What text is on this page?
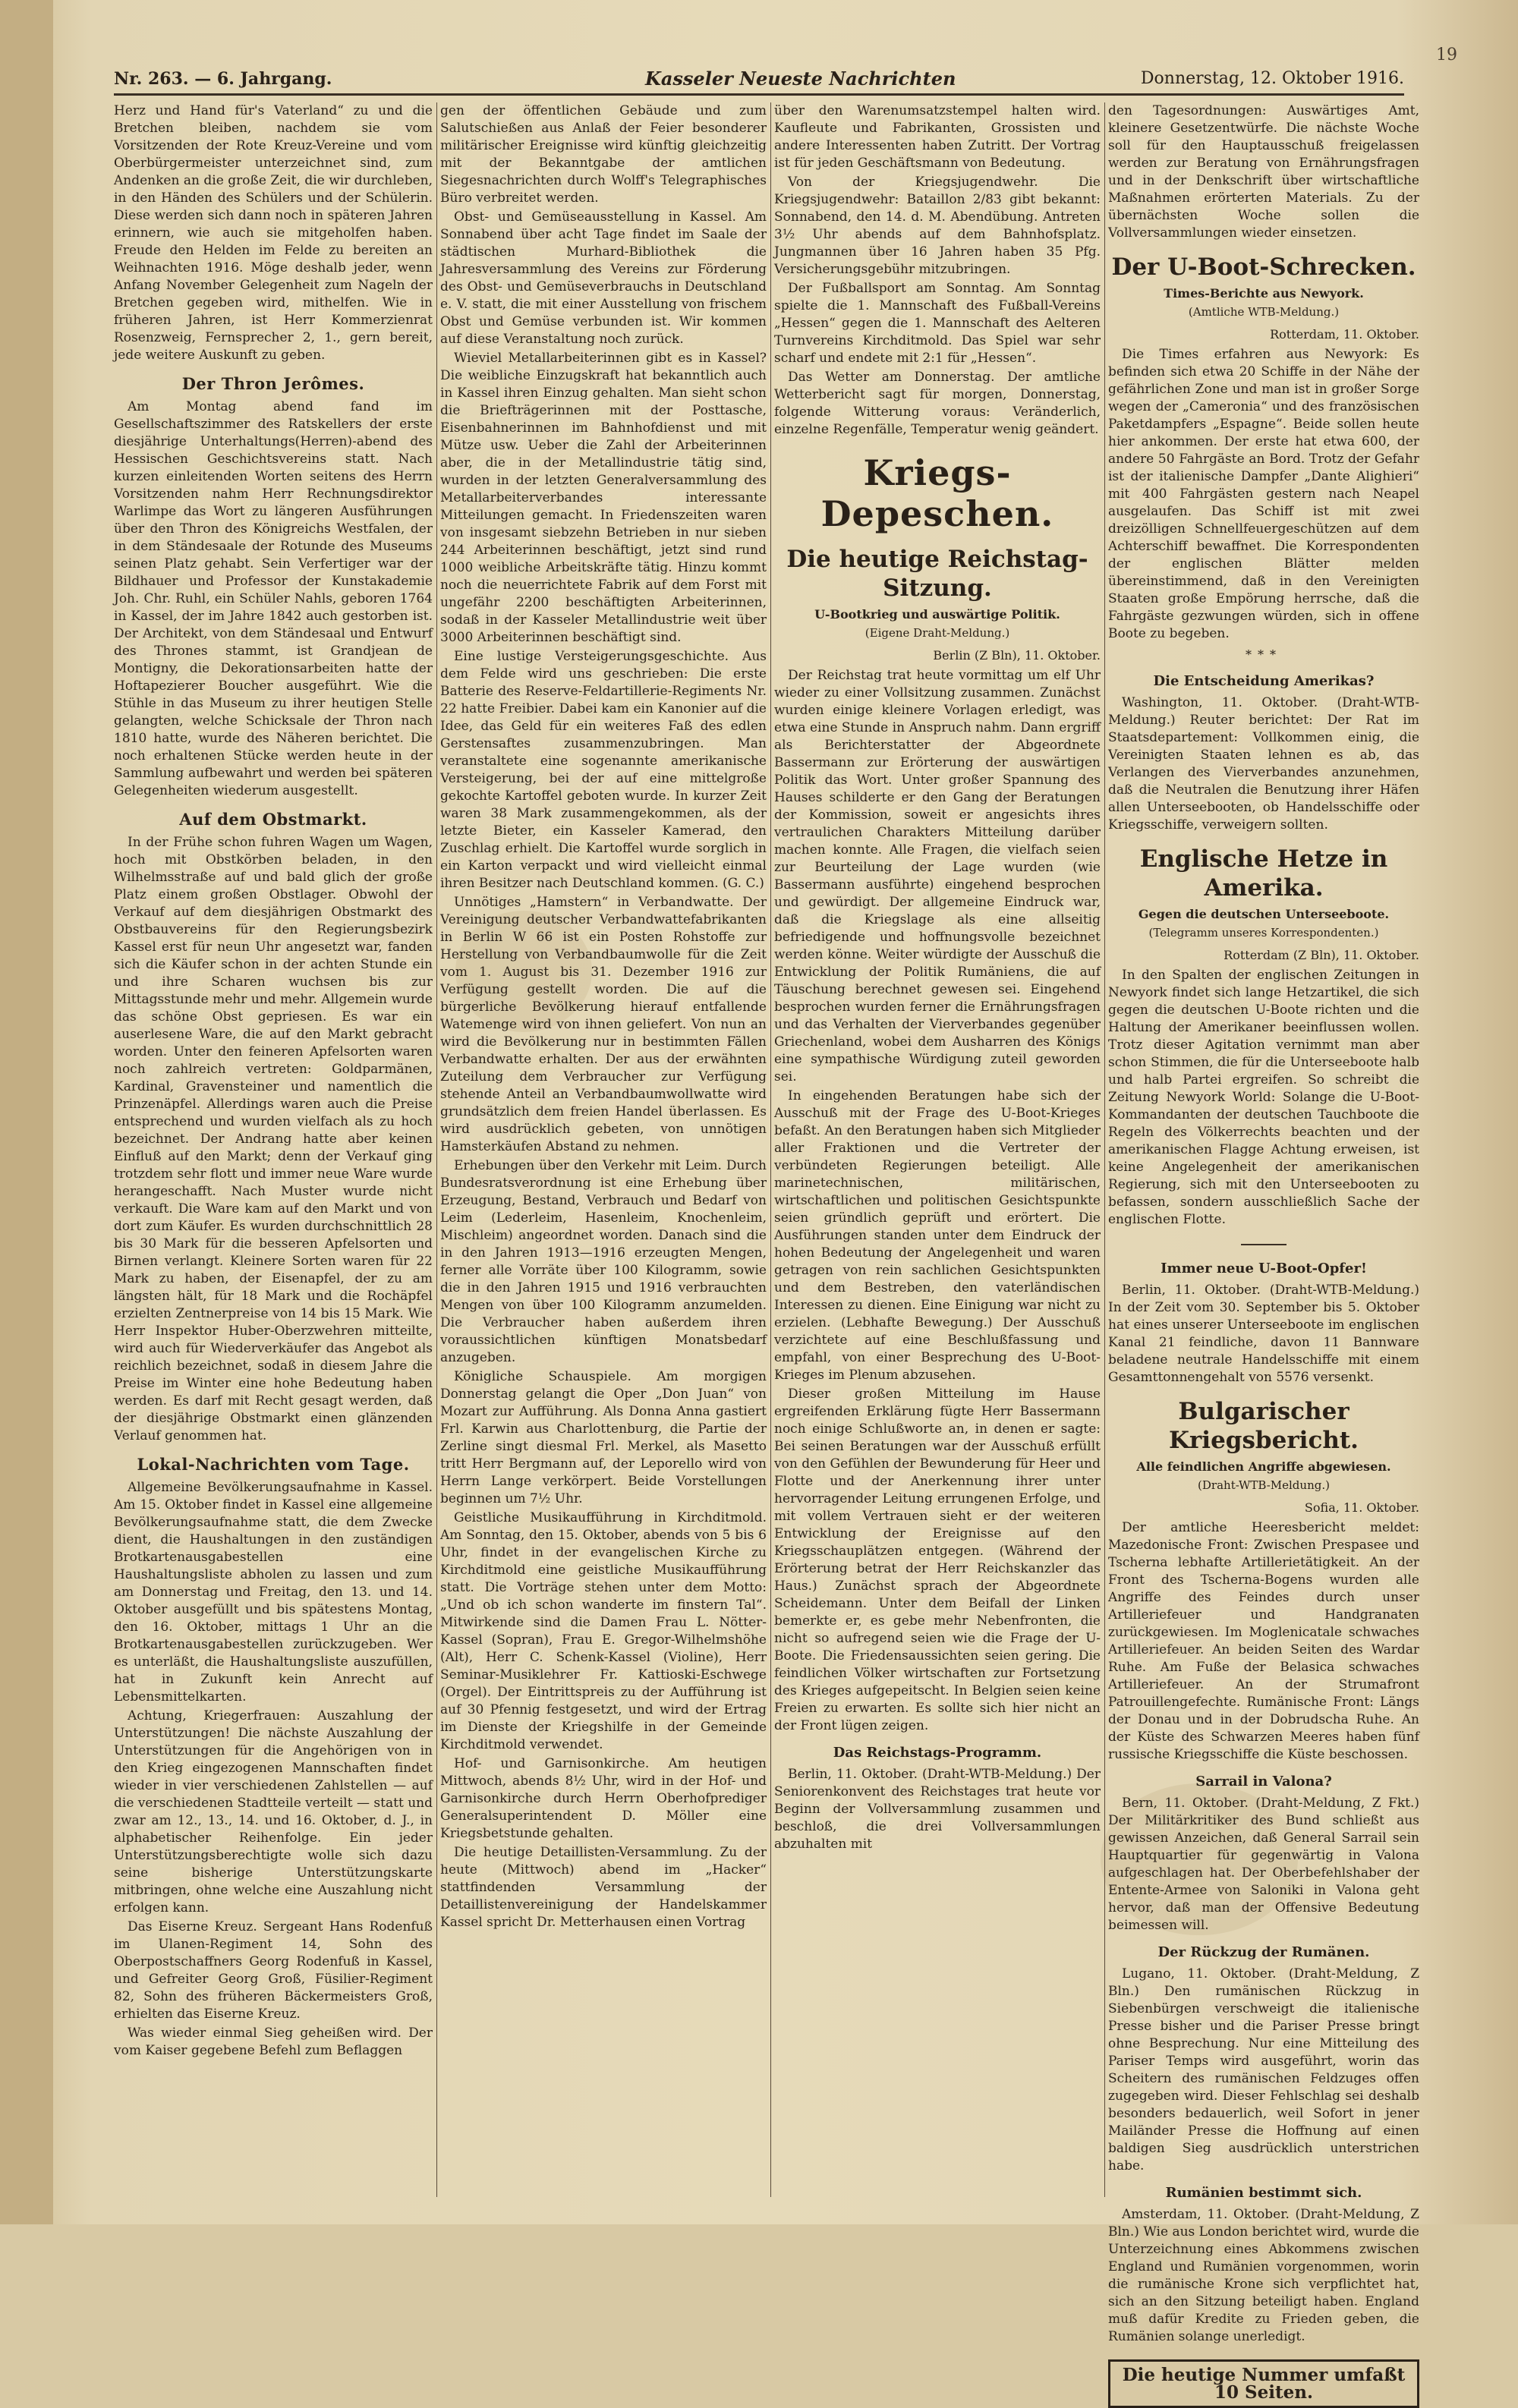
Nr. 263. — 6. Jahrgang.	Kasseler Neueste Nachrichten	Donnerstag, 12. Oktober 1916.
19

Herz und Hand für's Vaterland“ zu und die Bretchen bleiben, nachdem sie vom Vorsitzenden der Rote Kreuz-Vereine und vom Oberbürgermeister unterzeichnet sind, zum Andenken an die große Zeit, die wir durchleben, in den Händen des Schülers und der Schülerin. Diese werden sich dann noch in späteren Jahren erinnern, wie auch sie mitgeholfen haben. Freude den Helden im Felde zu bereiten an Weihnachten 1916. Möge deshalb jeder, wenn Anfang November Gelegenheit zum Nageln der Bretchen gegeben wird, mithelfen. Wie in früheren Jahren, ist Herr Kommerzienrat Rosenzweig, Fernsprecher 2, 1., gern bereit, jede weitere Auskunft zu geben.

Der Thron Jerômes.

Am Montag abend fand im Gesellschaftszimmer des Ratskellers der erste diesjährige Unterhaltungs(Herren)-abend des Hessischen Geschichtsvereins statt. Nach kurzen einleitenden Worten seitens des Herrn Vorsitzenden nahm Herr Rechnungsdirektor Warlimpe das Wort zu längeren Ausführungen über den Thron des Königreichs Westfalen, der in dem Ständesaale der Rotunde des Museums seinen Platz gehabt. Sein Verfertiger war der Bildhauer und Professor der Kunstakademie Joh. Chr. Ruhl, ein Schüler Nahls, geboren 1764 in Kassel, der im Jahre 1842 auch gestorben ist. Der Architekt, von dem Ständesaal und Entwurf des Thrones stammt, ist Grandjean de Montigny, die Dekorationsarbeiten hatte der Hoftapezierer Boucher ausgeführt. Wie die Stühle in das Museum zu ihrer heutigen Stelle gelangten, welche Schicksale der Thron nach 1810 hatte, wurde des Näheren berichtet. Die noch erhaltenen Stücke werden heute in der Sammlung aufbewahrt und werden bei späteren Gelegenheiten wiederum ausgestellt.

Auf dem Obstmarkt.

In der Frühe schon fuhren Wagen um Wagen, hoch mit Obstkörben beladen, in den Wilhelmsstraße auf und bald glich der große Platz einem großen Obstlager. Obwohl der Verkauf auf dem diesjährigen Obstmarkt des Obstbauvereins für den Regierungsbezirk Kassel erst für neun Uhr angesetzt war, fanden sich die Käufer schon in der achten Stunde ein und ihre Scharen wuchsen bis zur Mittagsstunde mehr und mehr. Allgemein wurde das schöne Obst gepriesen. Es war ein auserlesene Ware, die auf den Markt gebracht worden. Unter den feineren Apfelsorten waren noch zahlreich vertreten: Goldparmänen, Kardinal, Gravensteiner und namentlich die Prinzenäpfel. Allerdings waren auch die Preise entsprechend und wurden vielfach als zu hoch bezeichnet. Der Andrang hatte aber keinen Einfluß auf den Markt; denn der Verkauf ging trotzdem sehr flott und immer neue Ware wurde herangeschafft. Nach Muster wurde nicht verkauft. Die Ware kam auf den Markt und von dort zum Käufer. Es wurden durchschnittlich 28 bis 30 Mark für die besseren Apfelsorten und Birnen verlangt. Kleinere Sorten waren für 22 Mark zu haben, der Eisenapfel, der zu am längsten hält, für 18 Mark und die Rochäpfel erzielten Zentnerpreise von 14 bis 15 Mark. Wie Herr Inspektor Huber-Oberzwehren mitteilte, wird auch für Wiederverkäufer das Angebot als reichlich bezeichnet, sodaß in diesem Jahre die Preise im Winter eine hohe Bedeutung haben werden. Es darf mit Recht gesagt werden, daß der diesjährige Obstmarkt einen glänzenden Verlauf genommen hat.

Lokal-Nachrichten vom Tage.

Allgemeine Bevölkerungsaufnahme in Kassel. Am 15. Oktober findet in Kassel eine allgemeine Bevölkerungsaufnahme statt, die dem Zwecke dient, die Haushaltungen in den zuständigen Brotkartenausgabestellen eine Haushaltungsliste abholen zu lassen und zum am Donnerstag und Freitag, den 13. und 14. Oktober ausgefüllt und bis spätestens Montag, den 16. Oktober, mittags 1 Uhr an die Brotkartenausgabestellen zurückzugeben. Wer es unterläßt, die Haushaltungsliste auszufüllen, hat in Zukunft kein Anrecht auf Lebensmittelkarten.

Achtung, Kriegerfrauen: Auszahlung der Unterstützungen! Die nächste Auszahlung der Unterstützungen für die Angehörigen von in den Krieg eingezogenen Mannschaften findet wieder in vier verschiedenen Zahlstellen — auf die verschiedenen Stadtteile verteilt — statt und zwar am 12., 13., 14. und 16. Oktober, d. J., in alphabetischer Reihenfolge. Ein jeder Unterstützungsberechtigte wolle sich dazu seine bisherige Unterstützungskarte mitbringen, ohne welche eine Auszahlung nicht erfolgen kann.

Das Eiserne Kreuz. Sergeant Hans Rodenfuß im Ulanen-Regiment 14, Sohn des Oberpostschaffners Georg Rodenfuß in Kassel, und Gefreiter Georg Groß, Füsilier-Regiment 82, Sohn des früheren Bäckermeisters Groß, erhielten das Eiserne Kreuz.

Was wieder einmal Sieg geheißen wird. Der vom Kaiser gegebene Befehl zum Beflaggen

gen der öffentlichen Gebäude und zum Salutschießen aus Anlaß der Feier besonderer militärischer Ereignisse wird künftig gleichzeitig mit der Bekanntgabe der amtlichen Siegesnachrichten durch Wolff's Telegraphisches Büro verbreitet werden.

Obst- und Gemüseausstellung in Kassel. Am Sonnabend über acht Tage findet im Saale der städtischen Murhard-Bibliothek die Jahresversammlung des Vereins zur Förderung des Obst- und Gemüseverbrauchs in Deutschland e. V. statt, die mit einer Ausstellung von frischem Obst und Gemüse verbunden ist. Wir kommen auf diese Veranstaltung noch zurück.

Wieviel Metallarbeiterinnen gibt es in Kassel? Die weibliche Einzugskraft hat bekanntlich auch in Kassel ihren Einzug gehalten. Man sieht schon die Briefträgerinnen mit der Posttasche, Eisenbahnerinnen im Bahnhofdienst und mit Mütze usw. Ueber die Zahl der Arbeiterinnen aber, die in der Metallindustrie tätig sind, wurden in der letzten Generalversammlung des Metallarbeiterverbandes interessante Mitteilungen gemacht. In Friedenszeiten waren von insgesamt siebzehn Betrieben in nur sieben 244 Arbeiterinnen beschäftigt, jetzt sind rund 1000 weibliche Arbeitskräfte tätig. Hinzu kommt noch die neuerrichtete Fabrik auf dem Forst mit ungefähr 2200 beschäftigten Arbeiterinnen, sodaß in der Kasseler Metallindustrie weit über 3000 Arbeiterinnen beschäftigt sind.

Eine lustige Versteigerungsgeschichte. Aus dem Felde wird uns geschrieben: Die erste Batterie des Reserve-Feldartillerie-Regiments Nr. 22 hatte Freibier. Dabei kam ein Kanonier auf die Idee, das Geld für ein weiteres Faß des edlen Gerstensaftes zusammenzubringen. Man veranstaltete eine sogenannte amerikanische Versteigerung, bei der auf eine mittelgroße gekochte Kartoffel geboten wurde. In kurzer Zeit waren 38 Mark zusammengekommen, als der letzte Bieter, ein Kasseler Kamerad, den Zuschlag erhielt. Die Kartoffel wurde sorglich in ein Karton verpackt und wird vielleicht einmal ihren Besitzer nach Deutschland kommen. (G. C.)

Unnötiges „Hamstern“ in Verbandwatte. Der Vereinigung deutscher Verbandwattefabrikanten in Berlin W 66 ist ein Posten Rohstoffe zur Herstellung von Verbandbaumwolle für die Zeit vom 1. August bis 31. Dezember 1916 zur Verfügung gestellt worden. Die auf die bürgerliche Bevölkerung hierauf entfallende Watemenge wird von ihnen geliefert. Von nun an wird die Bevölkerung nur in bestimmten Fällen Verbandwatte erhalten. Der aus der erwähnten Zuteilung dem Verbraucher zur Verfügung stehende Anteil an Verbandbaumwollwatte wird grundsätzlich dem freien Handel überlassen. Es wird ausdrücklich gebeten, von unnötigen Hamsterkäufen Abstand zu nehmen.

Erhebungen über den Verkehr mit Leim. Durch Bundesratsverordnung ist eine Erhebung über Erzeugung, Bestand, Verbrauch und Bedarf von Leim (Lederleim, Hasenleim, Knochenleim, Mischleim) angeordnet worden. Danach sind die in den Jahren 1913—1916 erzeugten Mengen, ferner alle Vorräte über 100 Kilogramm, sowie die in den Jahren 1915 und 1916 verbrauchten Mengen von über 100 Kilogramm anzumelden. Die Verbraucher haben außerdem ihren voraussichtlichen künftigen Monatsbedarf anzugeben.

Königliche Schauspiele. Am morgigen Donnerstag gelangt die Oper „Don Juan“ von Mozart zur Aufführung. Als Donna Anna gastiert Frl. Karwin aus Charlottenburg, die Partie der Zerline singt diesmal Frl. Merkel, als Masetto tritt Herr Bergmann auf, der Leporello wird von Herrn Lange verkörpert. Beide Vorstellungen beginnen um 7½ Uhr.

Geistliche Musikaufführung in Kirchditmold. Am Sonntag, den 15. Oktober, abends von 5 bis 6 Uhr, findet in der evangelischen Kirche zu Kirchditmold eine geistliche Musikaufführung statt. Die Vorträge stehen unter dem Motto: „Und ob ich schon wanderte im finstern Tal“. Mitwirkende sind die Damen Frau L. Nötter-Kassel (Sopran), Frau E. Gregor-Wilhelmshöhe (Alt), Herr C. Schenk-Kassel (Violine), Herr Seminar-Musiklehrer Fr. Kattioski-Eschwege (Orgel). Der Eintrittspreis zu der Aufführung ist auf 30 Pfennig festgesetzt, und wird der Ertrag im Dienste der Kriegshilfe in der Gemeinde Kirchditmold verwendet.

Hof- und Garnisonkirche. Am heutigen Mittwoch, abends 8½ Uhr, wird in der Hof- und Garnisonkirche durch Herrn Oberhofprediger Generalsuperintendent D. Möller eine Kriegsbetstunde gehalten.

Die heutige Detaillisten-Versammlung. Zu der heute (Mittwoch) abend im „Hacker“ stattfindenden Versammlung der Detaillistenvereinigung der Handelskammer Kassel spricht Dr. Metterhausen einen Vortrag

über den Warenumsatzstempel halten wird. Kaufleute und Fabrikanten, Grossisten und andere Interessenten haben Zutritt. Der Vortrag ist für jeden Geschäftsmann von Bedeutung.

Von der Kriegsjugendwehr. Die Kriegsjugendwehr: Bataillon 2/83 gibt bekannt: Sonnabend, den 14. d. M. Abendübung. Antreten 3½ Uhr abends auf dem Bahnhofsplatz. Jungmannen über 16 Jahren haben 35 Pfg. Versicherungsgebühr mitzubringen.

Der Fußballsport am Sonntag. Am Sonntag spielte die 1. Mannschaft des Fußball-Vereins „Hessen“ gegen die 1. Mannschaft des Aelteren Turnvereins Kirchditmold. Das Spiel war sehr scharf und endete mit 2:1 für „Hessen“.

Das Wetter am Donnerstag. Der amtliche Wetterbericht sagt für morgen, Donnerstag, folgende Witterung voraus: Veränderlich, einzelne Regenfälle, Temperatur wenig geändert.

Kriegs-Depeschen.
Die heutige Reichstag-Sitzung.
U-Bootkrieg und auswärtige Politik.
(Eigene Draht-Meldung.)
Berlin (Z Bln), 11. Oktober.

Der Reichstag trat heute vormittag um elf Uhr wieder zu einer Vollsitzung zusammen. Zunächst wurden einige kleinere Vorlagen erledigt, was etwa eine Stunde in Anspruch nahm. Dann ergriff als Berichterstatter der Abgeordnete Bassermann zur Erörterung der auswärtigen Politik das Wort. Unter großer Spannung des Hauses schilderte er den Gang der Beratungen der Kommission, soweit er angesichts ihres vertraulichen Charakters Mitteilung darüber machen konnte. Alle Fragen, die vielfach seien zur Beurteilung der Lage wurden (wie Bassermann ausführte) eingehend besprochen und gewürdigt. Der allgemeine Eindruck war, daß die Kriegslage als eine allseitig befriedigende und hoffnungsvolle bezeichnet werden könne. Weiter würdigte der Ausschuß die Entwicklung der Politik Rumäniens, die auf Täuschung berechnet gewesen sei. Eingehend besprochen wurden ferner die Ernährungsfragen und das Verhalten der Vierverbandes gegenüber Griechenland, wobei dem Ausharren des Königs eine sympathische Würdigung zuteil geworden sei.

In eingehenden Beratungen habe sich der Ausschuß mit der Frage des U-Boot-Krieges befaßt. An den Beratungen haben sich Mitglieder aller Fraktionen und die Vertreter der verbündeten Regierungen beteiligt. Alle marinetechnischen, militärischen, wirtschaftlichen und politischen Gesichtspunkte seien gründlich geprüft und erörtert. Die Ausführungen standen unter dem Eindruck der hohen Bedeutung der Angelegenheit und waren getragen von rein sachlichen Gesichtspunkten und dem Bestreben, den vaterländischen Interessen zu dienen. Eine Einigung war nicht zu erzielen. (Lebhafte Bewegung.) Der Ausschuß verzichtete auf eine Beschlußfassung und empfahl, von einer Besprechung des U-Boot-Krieges im Plenum abzusehen.

Dieser großen Mitteilung im Hause ergreifenden Erklärung fügte Herr Bassermann noch einige Schlußworte an, in denen er sagte: Bei seinen Beratungen war der Ausschuß erfüllt von den Gefühlen der Bewunderung für Heer und Flotte und der Anerkennung ihrer unter hervorragender Leitung errungenen Erfolge, und mit vollem Vertrauen sieht er der weiteren Entwicklung der Ereignisse auf den Kriegsschauplätzen entgegen. (Während der Erörterung betrat der Herr Reichskanzler das Haus.) Zunächst sprach der Abgeordnete Scheidemann. Unter dem Beifall der Linken bemerkte er, es gebe mehr Nebenfronten, die nicht so aufregend seien wie die Frage der U-Boote. Die Friedensaussichten seien gering. Die feindlichen Völker wirtschaften zur Fortsetzung des Krieges aufgepeitscht. In Belgien seien keine Freien zu erwarten. Es sollte sich hier nicht an der Front lügen zeigen.

Das Reichstags-Programm.

Berlin, 11. Oktober. (Draht-WTB-Meldung.) Der Seniorenkonvent des Reichstages trat heute vor Beginn der Vollversammlung zusammen und beschloß, die drei Vollversammlungen abzuhalten mit

den Tagesordnungen: Auswärtiges Amt, kleinere Gesetzentwürfe. Die nächste Woche soll für den Hauptausschuß freigelassen werden zur Beratung von Ernährungsfragen und in der Denkschrift über wirtschaftliche Maßnahmen erörterten Materials. Zu der übernächsten Woche sollen die Vollversammlungen wieder einsetzen.

Der U-Boot-Schrecken.
Times-Berichte aus Newyork.
(Amtliche WTB-Meldung.)
Rotterdam, 11. Oktober.

Die Times erfahren aus Newyork: Es befinden sich etwa 20 Schiffe in der Nähe der gefährlichen Zone und man ist in großer Sorge wegen der „Cameronia“ und des französischen Paketdampfers „Espagne“. Beide sollen heute hier ankommen. Der erste hat etwa 600, der andere 50 Fahrgäste an Bord. Trotz der Gefahr ist der italienische Dampfer „Dante Alighieri“ mit 400 Fahrgästen gestern nach Neapel ausgelaufen. Das Schiff ist mit zwei dreizölligen Schnellfeuergeschützen auf dem Achterschiff bewaffnet. Die Korrespondenten der englischen Blätter melden übereinstimmend, daß in den Vereinigten Staaten große Empörung herrsche, daß die Fahrgäste gezwungen würden, sich in offene Boote zu begeben.

***
Die Entscheidung Amerikas?

Washington, 11. Oktober. (Draht-WTB-Meldung.) Reuter berichtet: Der Rat im Staatsdepartement: Vollkommen einig, die Vereinigten Staaten lehnen es ab, das Verlangen des Vierverbandes anzunehmen, daß die Neutralen die Benutzung ihrer Häfen allen Unterseebooten, ob Handelsschiffe oder Kriegsschiffe, verweigern sollten.

Englische Hetze in Amerika.
Gegen die deutschen Unterseeboote.
(Telegramm unseres Korrespondenten.)
Rotterdam (Z Bln), 11. Oktober.

In den Spalten der englischen Zeitungen in Newyork findet sich lange Hetzartikel, die sich gegen die deutschen U-Boote richten und die Haltung der Amerikaner beeinflussen wollen. Trotz dieser Agitation vernimmt man aber schon Stimmen, die für die Unterseeboote halb und halb Partei ergreifen. So schreibt die Zeitung Newyork World: Solange die U-Boot-Kommandanten der deutschen Tauchboote die Regeln des Völkerrechts beachten und der amerikanischen Flagge Achtung erweisen, ist keine Angelegenheit der amerikanischen Regierung, sich mit den Unterseebooten zu befassen, sondern ausschließlich Sache der englischen Flotte.

Immer neue U-Boot-Opfer!

Berlin, 11. Oktober. (Draht-WTB-Meldung.) In der Zeit vom 30. September bis 5. Oktober hat eines unserer Unterseeboote im englischen Kanal 21 feindliche, davon 11 Bannware beladene neutrale Handelsschiffe mit einem Gesamttonnengehalt von 5576 versenkt.

Bulgarischer Kriegsbericht.
Alle feindlichen Angriffe abgewiesen.
(Draht-WTB-Meldung.)
Sofia, 11. Oktober.

Der amtliche Heeresbericht meldet: Mazedonische Front: Zwischen Prespasee und Tscherna lebhafte Artillerietätigkeit. An der Front des Tscherna-Bogens wurden alle Angriffe des Feindes durch unser Artilleriefeuer und Handgranaten zurückgewiesen. Im Moglenicatale schwaches Artilleriefeuer. An beiden Seiten des Wardar Ruhe. Am Fuße der Belasica schwaches Artilleriefeuer. An der Strumafront Patrouillengefechte. Rumänische Front: Längs der Donau und in der Dobrudscha Ruhe. An der Küste des Schwarzen Meeres haben fünf russische Kriegsschiffe die Küste beschossen.

Sarrail in Valona?

Bern, 11. Oktober. (Draht-Meldung, Z Fkt.) Der Militärkritiker des Bund schließt aus gewissen Anzeichen, daß General Sarrail sein Hauptquartier für gegenwärtig in Valona aufgeschlagen hat. Der Oberbefehlshaber der Entente-Armee von Saloniki in Valona geht hervor, daß man der Offensive Bedeutung beimessen will.

Der Rückzug der Rumänen.

Lugano, 11. Oktober. (Draht-Meldung, Z Bln.) Den rumänischen Rückzug in Siebenbürgen verschweigt die italienische Presse bisher und die Pariser Presse bringt ohne Besprechung. Nur eine Mitteilung des Pariser Temps wird ausgeführt, worin das Scheitern des rumänischen Feldzuges offen zugegeben wird. Dieser Fehlschlag sei deshalb besonders bedauerlich, weil Sofort in jener Mailänder Presse die Hoffnung auf einen baldigen Sieg ausdrücklich unterstrichen habe.

Rumänien bestimmt sich.

Amsterdam, 11. Oktober. (Draht-Meldung, Z Bln.) Wie aus London berichtet wird, wurde die Unterzeichnung eines Abkommens zwischen England und Rumänien vorgenommen, worin die rumänische Krone sich verpflichtet hat, sich an den Sitzung beteiligt haben. England muß dafür Kredite zu Frieden geben, die Rumänien solange unerledigt.

Die heutige Nummer umfaßt 10 Seiten.
